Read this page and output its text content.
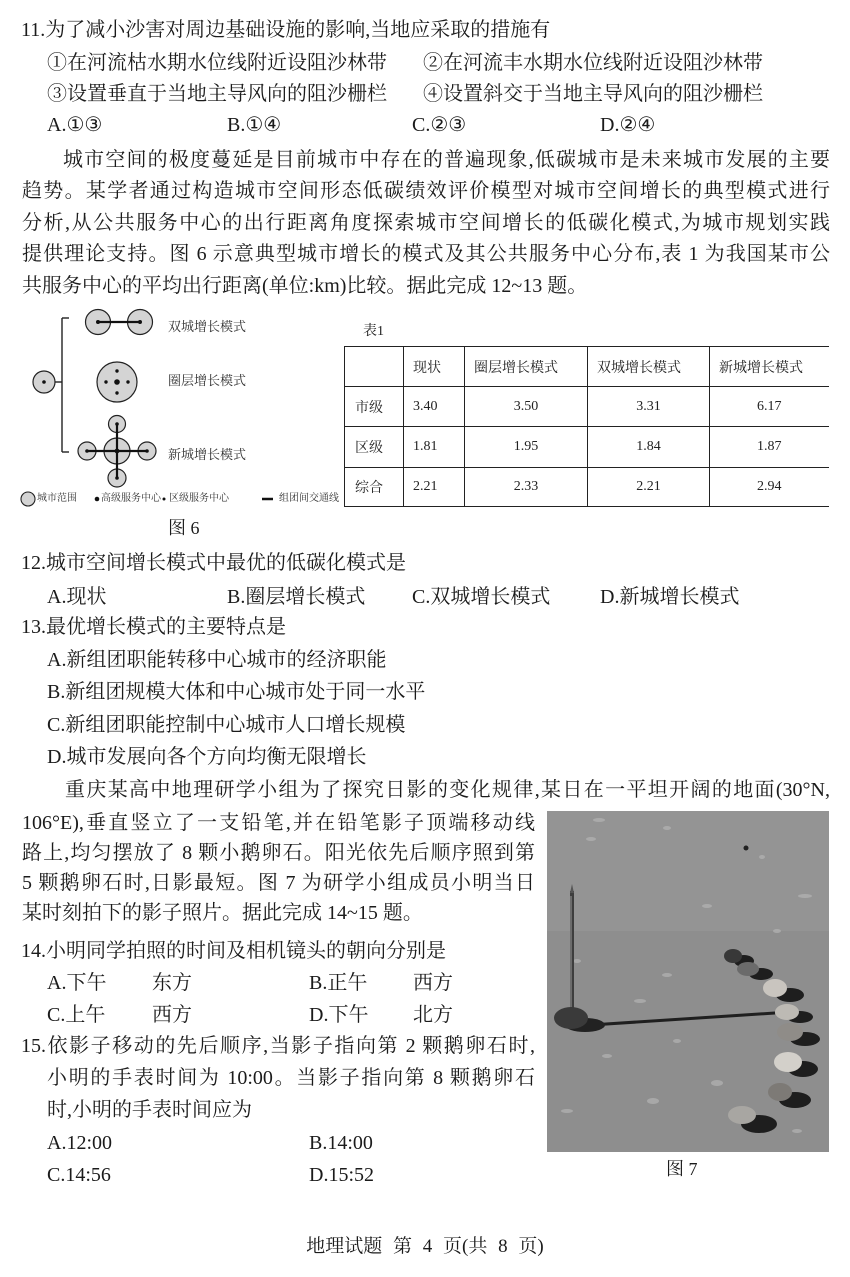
11.为了减小沙害对周边基础设施的影响,当地应采取的措施有
①在河流枯水期水位线附近设阻沙林带 ②在河流丰水期水位线附近设阻沙林带
③设置垂直于当地主导风向的阻沙栅栏 ④设置斜交于当地主导风向的阻沙栅栏
A.①③	B.①④	C.②③	D.②④
城市空间的极度蔓延是目前城市中存在的普遍现象,低碳城市是未来城市发展的主要
趋势。某学者通过构造城市空间形态低碳绩效评价模型对城市空间增长的典型模式进行
分析,从公共服务中心的出行距离角度探索城市空间增长的低碳化模式,为城市规划实践
提供理论支持。图 6 示意典型城市增长的模式及其公共服务中心分布,表 1 为我国某市公
共服务中心的平均出行距离(单位:km)比较。据此完成 12~13 题。
双城增长模式
圈层增长模式
新城增长模式
城市范围 高级服务中心 区级服务中心	组团间交通线
图 6
表1
	现状	圈层增长模式	双城增长模式	新城增长模式
市级	3.40	3.50	3.31	6.17
区级	1.81	1.95	1.84	1.87
综合	2.21	2.33	2.21	2.94
12.城市空间增长模式中最优的低碳化模式是
A.现状	B.圈层增长模式 C.双城增长模式 D.新城增长模式
13.最优增长模式的主要特点是
A.新组团职能转移中心城市的经济职能
B.新组团规模大体和中心城市处于同一水平
C.新组团职能控制中心城市人口增长规模
D.城市发展向各个方向均衡无限增长
重庆某高中地理研学小组为了探究日影的变化规律,某日在一平坦开阔的地面(30°N,
106°E),垂直竖立了一支铅笔,并在铅笔影子顶端移动线
路上,均匀摆放了 8 颗小鹅卵石。阳光依先后顺序照到第
5 颗鹅卵石时,日影最短。图 7 为研学小组成员小明当日
某时刻拍下的影子照片。据此完成 14~15 题。
图 7
14.小明同学拍照的时间及相机镜头的朝向分别是
A.下午 东方	B.正午 西方
C.上午 西方	D.下午 北方
15.依影子移动的先后顺序,当影子指向第 2 颗鹅卵石时,
小明的手表时间为 10:00。当影子指向第 8 颗鹅卵石
时,小明的手表时间应为
A.12:00	B.14:00
C.14:56	D.15:52
地理试题 第 4 页(共 8 页)
